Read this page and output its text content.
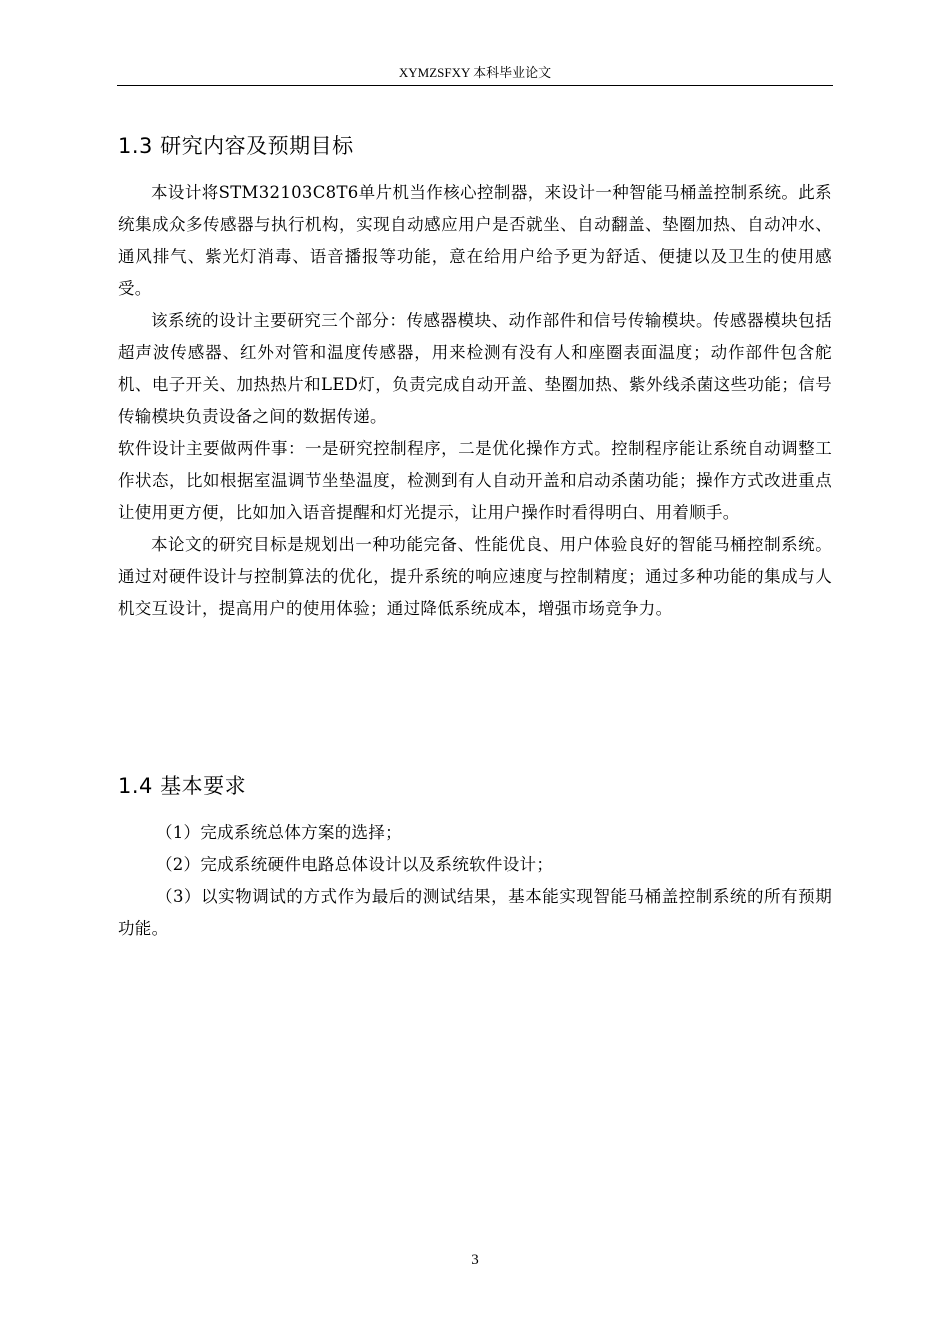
XYMZSFXY 本科毕业论文
1.3 研究内容及预期目标

本设计将STM32103C8T6单片机当作核心控制器，来设计一种智能马桶盖控制系统。此系统集成众多传感器与执行机构，实现自动感应用户是否就坐、自动翻盖、垫圈加热、自动冲水、通风排气、紫光灯消毒、语音播报等功能，意在给用户给予更为舒适、便捷以及卫生的使用感受。

该系统的设计主要研究三个部分：传感器模块、动作部件和信号传输模块。传感器模块包括超声波传感器、红外对管和温度传感器，用来检测有没有人和座圈表面温度；动作部件包含舵机、电子开关、加热热片和LED灯，负责完成自动开盖、垫圈加热、紫外线杀菌这些功能；信号传输模块负责设备之间的数据传递。

软件设计主要做两件事：一是研究控制程序，二是优化操作方式。控制程序能让系统自动调整工作状态，比如根据室温调节坐垫温度，检测到有人自动开盖和启动杀菌功能；操作方式改进重点让使用更方便，比如加入语音提醒和灯光提示，让用户操作时看得明白、用着顺手。

本论文的研究目标是规划出一种功能完备、性能优良、用户体验良好的智能马桶控制系统。通过对硬件设计与控制算法的优化，提升系统的响应速度与控制精度；通过多种功能的集成与人机交互设计，提高用户的使用体验；通过降低系统成本，增强市场竞争力。

1.4 基本要求

（1）完成系统总体方案的选择；

（2）完成系统硬件电路总体设计以及系统软件设计；

（3）以实物调试的方式作为最后的测试结果，基本能实现智能马桶盖控制系统的所有预期功能。

3
